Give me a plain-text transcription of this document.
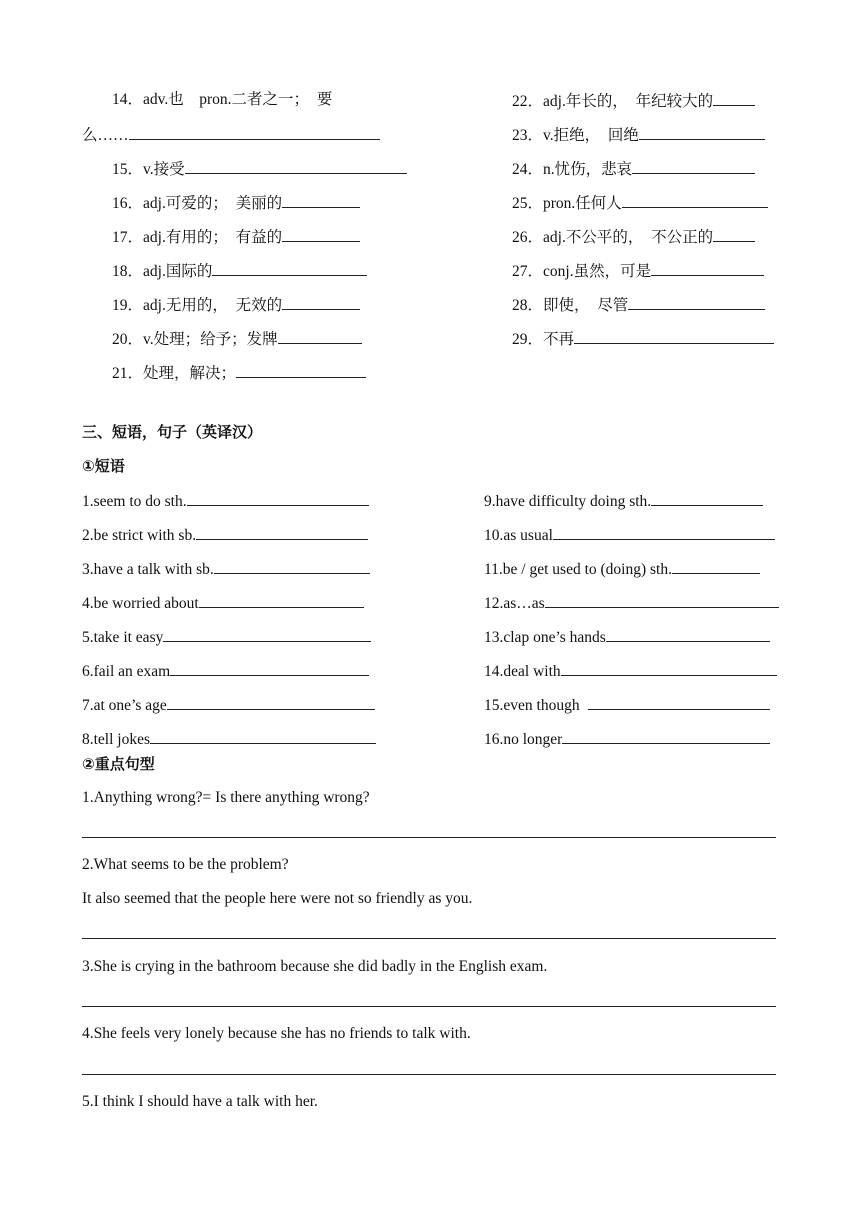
14．adv.也　pron.二者之一；　要
么……
15．v.接受
16．adj.可爱的；　美丽的
17．adj.有用的；　有益的
18．adj.国际的
19．adj.无用的，　无效的
20．v.处理；给予；发牌
21．处理，解决；
22．adj.年长的，　年纪较大的
23．v.拒绝，　回绝
24．n.忧伤，悲哀
25．pron.任何人
26．adj.不公平的，　不公正的
27．conj.虽然，可是
28．即使，　尽管
29．不再
三、短语，句子（英译汉）
①短语
1.seem to do sth.
2.be strict with sb.
3.have a talk with sb.
4.be worried about
5.take it easy
6.fail an exam
7.at one’s age
8.tell jokes
9.have difficulty doing sth.
10.as usual
11.be / get used to (doing) sth.
12.as…as
13.clap one’s hands
14.deal with
15.even though
16.no longer
②重点句型
1.Anything wrong?= Is there anything wrong?
2.What seems to be the problem?
It also seemed that the people here were not so friendly as you.
3.She is crying in the bathroom because she did badly in the English exam.
4.She feels very lonely because she has no friends to talk with.
5.I think I should have a talk with her.
